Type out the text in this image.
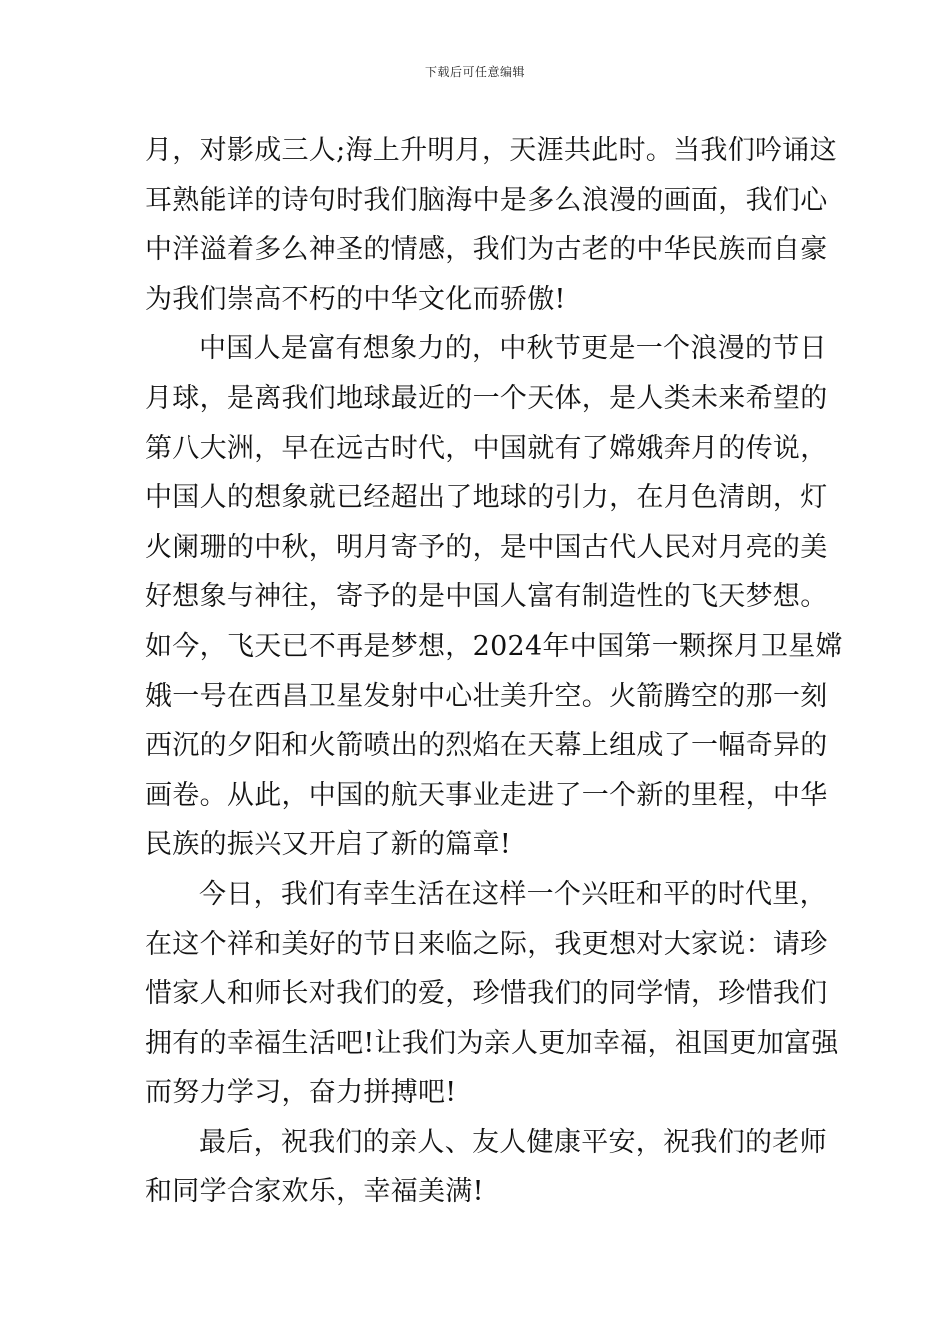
下载后可任意编辑
月，对影成三人;海上升明月，天涯共此时。当我们吟诵这
耳熟能详的诗句时我们脑海中是多么浪漫的画面，我们心
中洋溢着多么神圣的情感，我们为古老的中华民族而自豪
为我们崇高不朽的中华文化而骄傲!
中国人是富有想象力的，中秋节更是一个浪漫的节日
月球，是离我们地球最近的一个天体，是人类未来希望的
第八大洲，早在远古时代，中国就有了嫦娥奔月的传说，
中国人的想象就已经超出了地球的引力，在月色清朗，灯
火阑珊的中秋，明月寄予的，是中国古代人民对月亮的美
好想象与神往，寄予的是中国人富有制造性的飞天梦想。
如今，飞天已不再是梦想，2024年中国第一颗探月卫星嫦
娥一号在西昌卫星发射中心壮美升空。火箭腾空的那一刻
西沉的夕阳和火箭喷出的烈焰在天幕上组成了一幅奇异的
画卷。从此，中国的航天事业走进了一个新的里程，中华
民族的振兴又开启了新的篇章!
今日，我们有幸生活在这样一个兴旺和平的时代里，
在这个祥和美好的节日来临之际，我更想对大家说：请珍
惜家人和师长对我们的爱，珍惜我们的同学情，珍惜我们
拥有的幸福生活吧!让我们为亲人更加幸福，祖国更加富强
而努力学习，奋力拼搏吧!
最后，祝我们的亲人、友人健康平安，祝我们的老师
和同学合家欢乐，幸福美满!
